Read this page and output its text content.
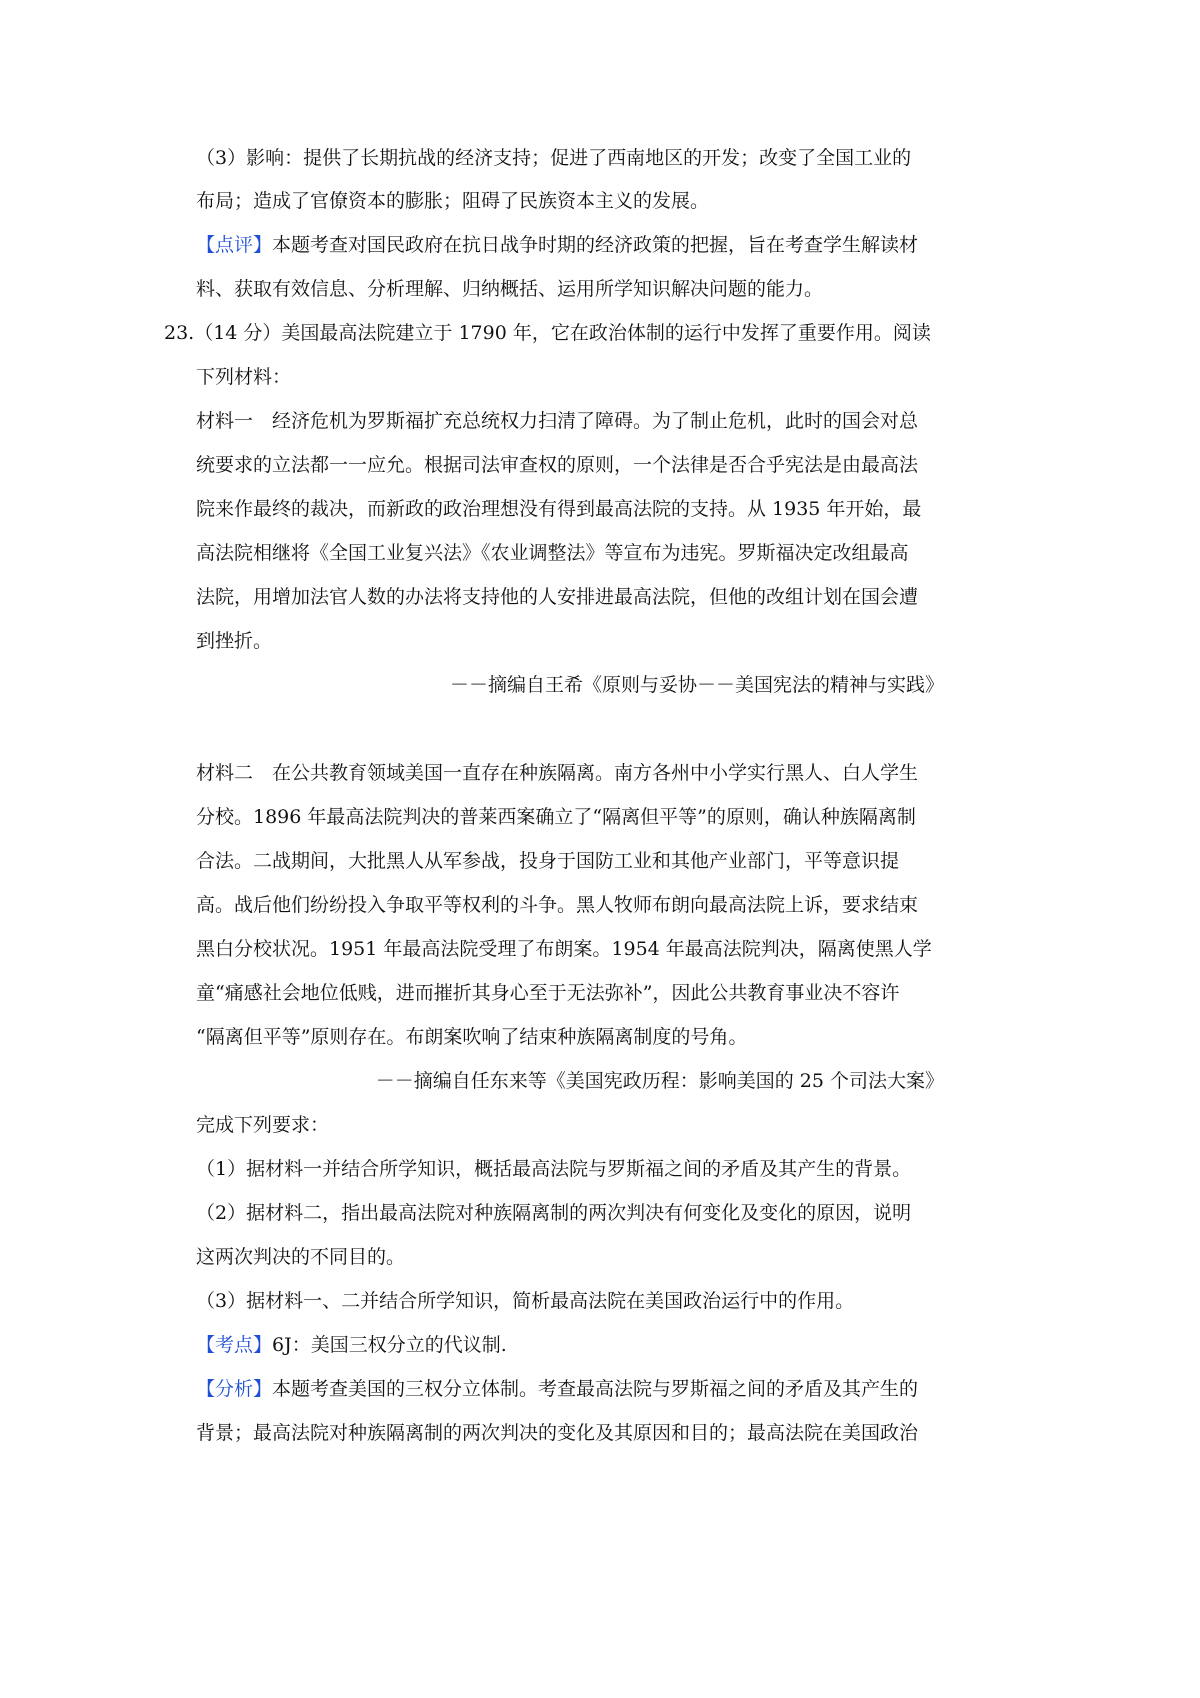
（3）影响：提供了长期抗战的经济支持；促进了西南地区的开发；改变了全国工业的
布局；造成了官僚资本的膨胀；阻碍了民族资本主义的发展。
【点评】本题考查对国民政府在抗日战争时期的经济政策的把握，旨在考查学生解读材
料、获取有效信息、分析理解、归纳概括、运用所学知识解决问题的能力。
23.（14 分）美国最高法院建立于 1790 年，它在政治体制的运行中发挥了重要作用。阅读
下列材料：
材料一　经济危机为罗斯福扩充总统权力扫清了障碍。为了制止危机，此时的国会对总
统要求的立法都一一应允。根据司法审查权的原则，一个法律是否合乎宪法是由最高法
院来作最终的裁决，而新政的政治理想没有得到最高法院的支持。从 1935 年开始，最
高法院相继将《全国工业复兴法》《农业调整法》等宣布为违宪。罗斯福决定改组最高
法院，用增加法官人数的办法将支持他的人安排进最高法院，但他的改组计划在国会遭
到挫折。
－－摘编自王希《原则与妥协－－美国宪法的精神与实践》
材料二　在公共教育领域美国一直存在种族隔离。南方各州中小学实行黑人、白人学生
分校。1896 年最高法院判决的普莱西案确立了“隔离但平等”的原则，确认种族隔离制
合法。二战期间，大批黑人从军参战，投身于国防工业和其他产业部门，平等意识提
高。战后他们纷纷投入争取平等权利的斗争。黑人牧师布朗向最高法院上诉，要求结束
黑白分校状况。1951 年最高法院受理了布朗案。1954 年最高法院判决，隔离使黑人学
童“痛感社会地位低贱，进而摧折其身心至于无法弥补”，因此公共教育事业决不容许
“隔离但平等”原则存在。布朗案吹响了结束种族隔离制度的号角。
－－摘编自任东来等《美国宪政历程：影响美国的 25 个司法大案》
完成下列要求：
（1）据材料一并结合所学知识，概括最高法院与罗斯福之间的矛盾及其产生的背景。
（2）据材料二，指出最高法院对种族隔离制的两次判决有何变化及变化的原因，说明
这两次判决的不同目的。
（3）据材料一、二并结合所学知识，简析最高法院在美国政治运行中的作用。
【考点】6J：美国三权分立的代议制.
【分析】本题考查美国的三权分立体制。考查最高法院与罗斯福之间的矛盾及其产生的
背景；最高法院对种族隔离制的两次判决的变化及其原因和目的；最高法院在美国政治
